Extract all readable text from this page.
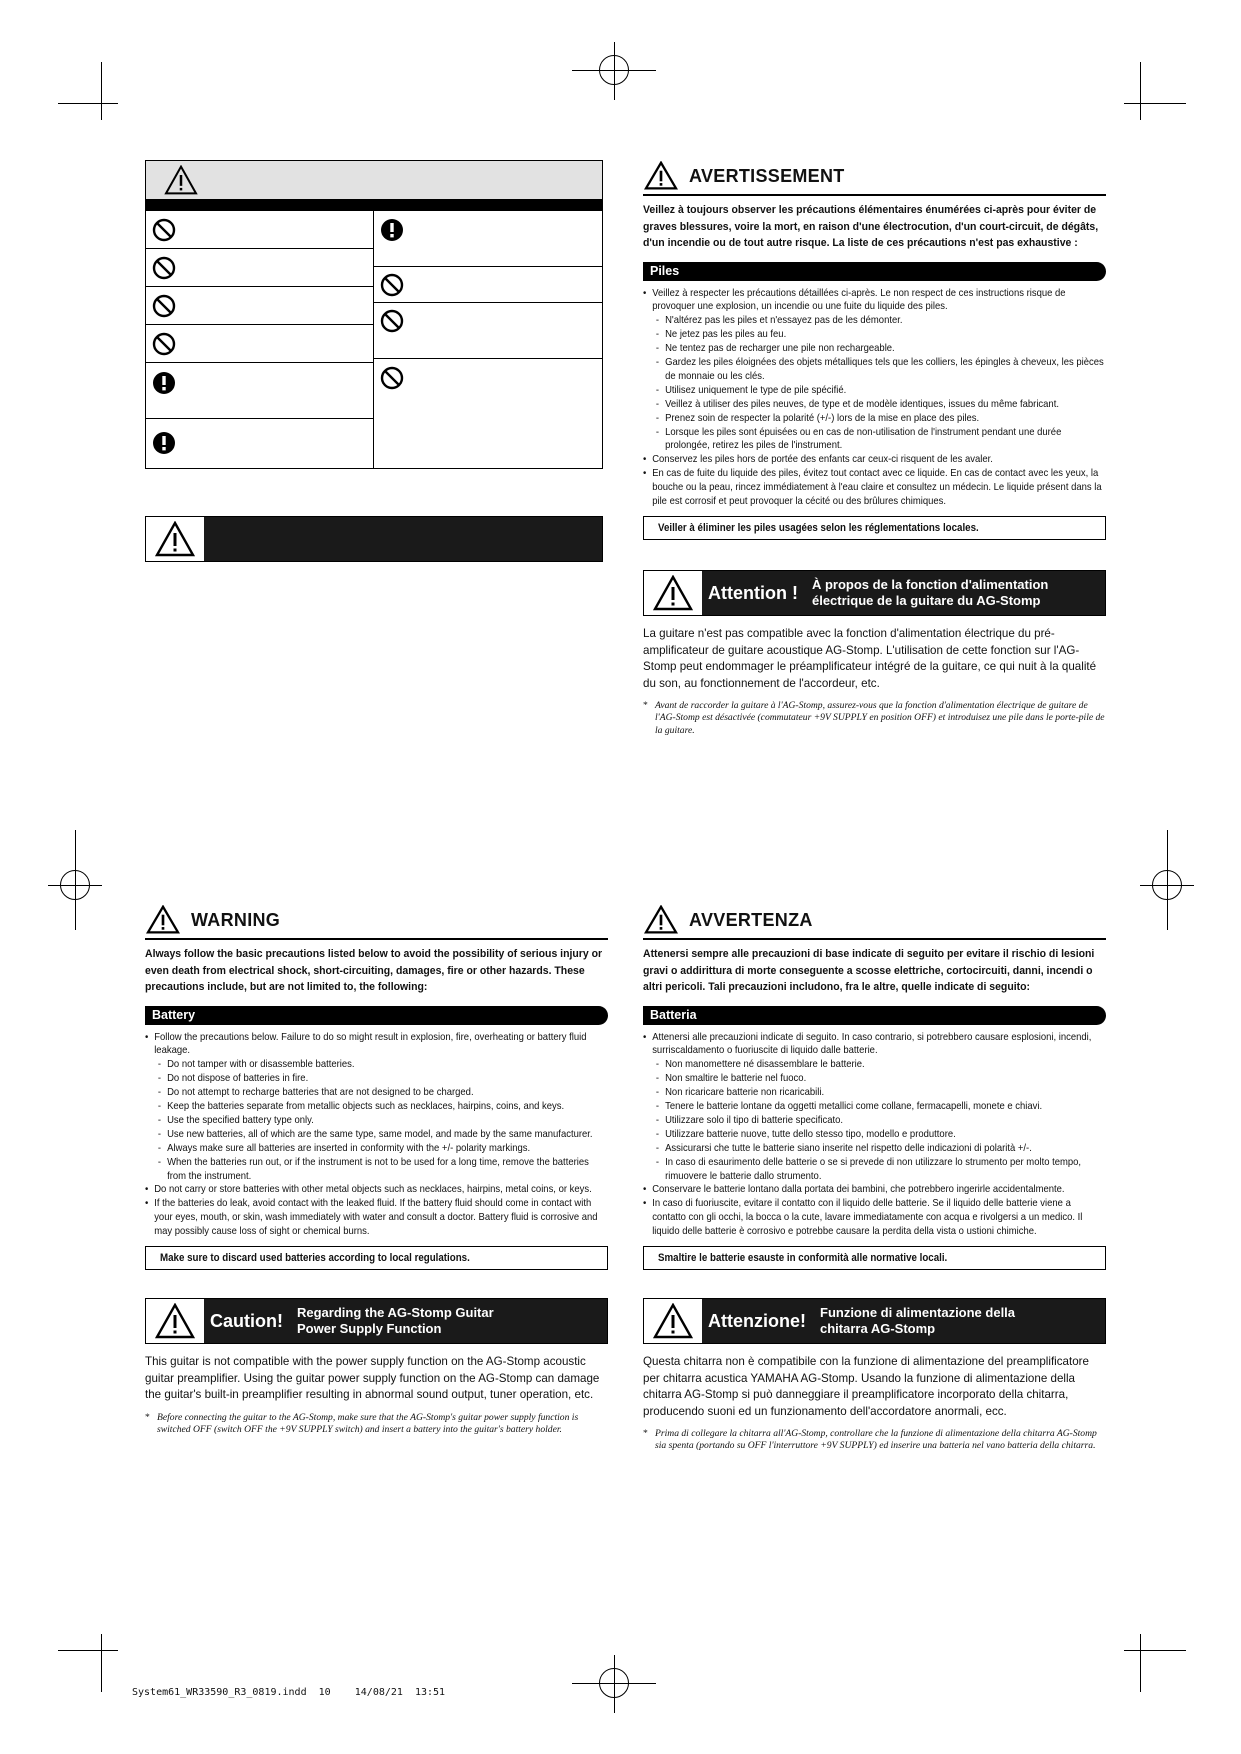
AVERTISSEMENT
Veillez à toujours observer les précautions élémentaires énumérées ci-après pour éviter de graves blessures, voire la mort, en raison d'une électrocution, d'un court-circuit, de dégâts, d'un incendie ou de tout autre risque. La liste de ces précautions n'est pas exhaustive :
Piles
• Veillez à respecter les précautions détaillées ci-après. Le non respect de ces instructions risque de provoquer une explosion, un incendie ou une fuite du liquide des piles.
- N'altérez pas les piles et n'essayez pas de les démonter.
- Ne jetez pas les piles au feu.
- Ne tentez pas de recharger une pile non rechargeable.
- Gardez les piles éloignées des objets métalliques tels que les colliers, les épingles à cheveux, les pièces de monnaie ou les clés.
- Utilisez uniquement le type de pile spécifié.
- Veillez à utiliser des piles neuves, de type et de modèle identiques, issues du même fabricant.
- Prenez soin de respecter la polarité (+/-) lors de la mise en place des piles.
- Lorsque les piles sont épuisées ou en cas de non-utilisation de l'instrument pendant une durée prolongée, retirez les piles de l'instrument.
• Conservez les piles hors de portée des enfants car ceux-ci risquent de les avaler.
• En cas de fuite du liquide des piles, évitez tout contact avec ce liquide. En cas de contact avec les yeux, la bouche ou la peau, rincez immédiatement à l'eau claire et consultez un médecin. Le liquide présent dans la pile est corrosif et peut provoquer la cécité ou des brûlures chimiques.
Veiller à éliminer les piles usagées selon les réglementations locales.
Attention ! À propos de la fonction d'alimentation
électrique de la guitare du AG-Stomp
La guitare n'est pas compatible avec la fonction d'alimentation électrique du pré-amplificateur de guitare acoustique AG-Stomp. L'utilisation de cette fonction sur l'AG-Stomp peut endommager le préamplificateur intégré de la guitare, ce qui nuit à la qualité du son, au fonctionnement de l'accordeur, etc.
* Avant de raccorder la guitare à l'AG-Stomp, assurez-vous que la fonction d'alimentation électrique de guitare de l'AG-Stomp est désactivée (commutateur +9V SUPPLY en position OFF) et introduisez une pile dans le porte-pile de la guitare.
WARNING
Always follow the basic precautions listed below to avoid the possibility of serious injury or even death from electrical shock, short-circuiting, damages, fire or other hazards. These precautions include, but are not limited to, the following:
Battery
• Follow the precautions below. Failure to do so might result in explosion, fire, overheating or battery fluid leakage.
- Do not tamper with or disassemble batteries.
- Do not dispose of batteries in fire.
- Do not attempt to recharge batteries that are not designed to be charged.
- Keep the batteries separate from metallic objects such as necklaces, hairpins, coins, and keys.
- Use the specified battery type only.
- Use new batteries, all of which are the same type, same model, and made by the same manufacturer.
- Always make sure all batteries are inserted in conformity with the +/- polarity markings.
- When the batteries run out, or if the instrument is not to be used for a long time, remove the batteries from the instrument.
• Do not carry or store batteries with other metal objects such as necklaces, hairpins, metal coins, or keys.
• If the batteries do leak, avoid contact with the leaked fluid. If the battery fluid should come in contact with your eyes, mouth, or skin, wash immediately with water and consult a doctor. Battery fluid is corrosive and may possibly cause loss of sight or chemical burns.
Make sure to discard used batteries according to local regulations.
Caution! Regarding the AG-Stomp Guitar
Power Supply Function
This guitar is not compatible with the power supply function on the AG-Stomp acoustic guitar preamplifier. Using the guitar power supply function on the AG-Stomp can damage the guitar's built-in preamplifier resulting in abnormal sound output, tuner operation, etc.
* Before connecting the guitar to the AG-Stomp, make sure that the AG-Stomp's guitar power supply function is switched OFF (switch OFF the +9V SUPPLY switch) and insert a battery into the guitar's battery holder.
AVVERTENZA
Attenersi sempre alle precauzioni di base indicate di seguito per evitare il rischio di lesioni gravi o addirittura di morte conseguente a scosse elettriche, cortocircuiti, danni, incendi o altri pericoli. Tali precauzioni includono, fra le altre, quelle indicate di seguito:
Batteria
• Attenersi alle precauzioni indicate di seguito. In caso contrario, si potrebbero causare esplosioni, incendi, surriscaldamento o fuoriuscite di liquido dalle batterie.
- Non manomettere né disassemblare le batterie.
- Non smaltire le batterie nel fuoco.
- Non ricaricare batterie non ricaricabili.
- Tenere le batterie lontane da oggetti metallici come collane, fermacapelli, monete e chiavi.
- Utilizzare solo il tipo di batterie specificato.
- Utilizzare batterie nuove, tutte dello stesso tipo, modello e produttore.
- Assicurarsi che tutte le batterie siano inserite nel rispetto delle indicazioni di polarità +/-.
- In caso di esaurimento delle batterie o se si prevede di non utilizzare lo strumento per molto tempo, rimuovere le batterie dallo strumento.
• Conservare le batterie lontano dalla portata dei bambini, che potrebbero ingerirle accidentalmente.
• In caso di fuoriuscite, evitare il contatto con il liquido delle batterie. Se il liquido delle batterie viene a contatto con gli occhi, la bocca o la cute, lavare immediatamente con acqua e rivolgersi a un medico. Il liquido delle batterie è corrosivo e potrebbe causare la perdita della vista o ustioni chimiche.
Smaltire le batterie esauste in conformità alle normative locali.
Attenzione! Funzione di alimentazione della
chitarra AG-Stomp
Questa chitarra non è compatibile con la funzione di alimentazione del preamplificatore per chitarra acustica YAMAHA AG-Stomp. Usando la funzione di alimentazione della chitarra AG-Stomp si può danneggiare il preamplificatore incorporato della chitarra, producendo suoni ed un funzionamento dell'accordatore anormali, ecc.
* Prima di collegare la chitarra all'AG-Stomp, controllare che la funzione di alimentazione della chitarra AG-Stomp sia spenta (portando su OFF l'interruttore +9V SUPPLY) ed inserire una batteria nel vano batteria della chitarra.
System61_WR33590_R3_0819.indd  10    14/08/21  13:51
